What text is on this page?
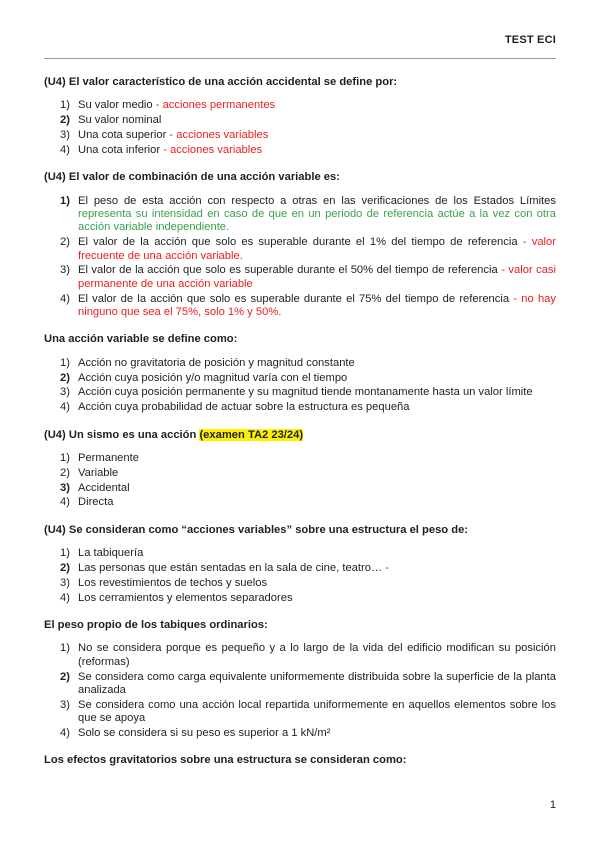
TEST ECI
(U4) El valor característico de una acción accidental se define por:
1) Su valor medio - acciones permanentes
2) Su valor nominal
3) Una cota superior - acciones variables
4) Una cota inferior - acciones variables
(U4) El valor de combinación de una acción variable es:
1) El peso de esta acción con respecto a otras en las verificaciones de los Estados Límites representa su intensidad en caso de que en un periodo de referencia actúe a la vez con otra acción variable independiente.
2) El valor de la acción que solo es superable durante el 1% del tiempo de referencia - valor frecuente de una acción variable.
3) El valor de la acción que solo es superable durante el 50% del tiempo de referencia - valor casi permanente de una acción variable
4) El valor de la acción que solo es superable durante el 75% del tiempo de referencia - no hay ninguno que sea el 75%, solo 1% y 50%.
Una acción variable se define como:
1) Acción no gravitatoria de posición y magnitud constante
2) Acción cuya posición y/o magnitud varía con el tiempo
3) Acción cuya posición permanente y su magnitud tiende montanamente hasta un valor límite
4) Acción cuya probabilidad de actuar sobre la estructura es pequeña
(U4) Un sismo es una acción (examen TA2 23/24)
1) Permanente
2) Variable
3) Accidental
4) Directa
(U4) Se consideran como “acciones variables” sobre una estructura el peso de:
1) La tabiquería
2) Las personas que están sentadas en la sala de cine, teatro… -
3) Los revestimientos de techos y suelos
4) Los cerramientos y elementos separadores
El peso propio de los tabiques ordinarios:
1) No se considera porque es pequeño y a lo largo de la vida del edificio modifican su posición (reformas)
2) Se considera como carga equivalente uniformemente distribuida sobre la superficie de la planta analizada
3) Se considera como una acción local repartida uniformemente en aquellos elementos sobre los que se apoya
4) Solo se considera si su peso es superior a 1 kN/m²
Los efectos gravitatorios sobre una estructura se consideran como:
1
